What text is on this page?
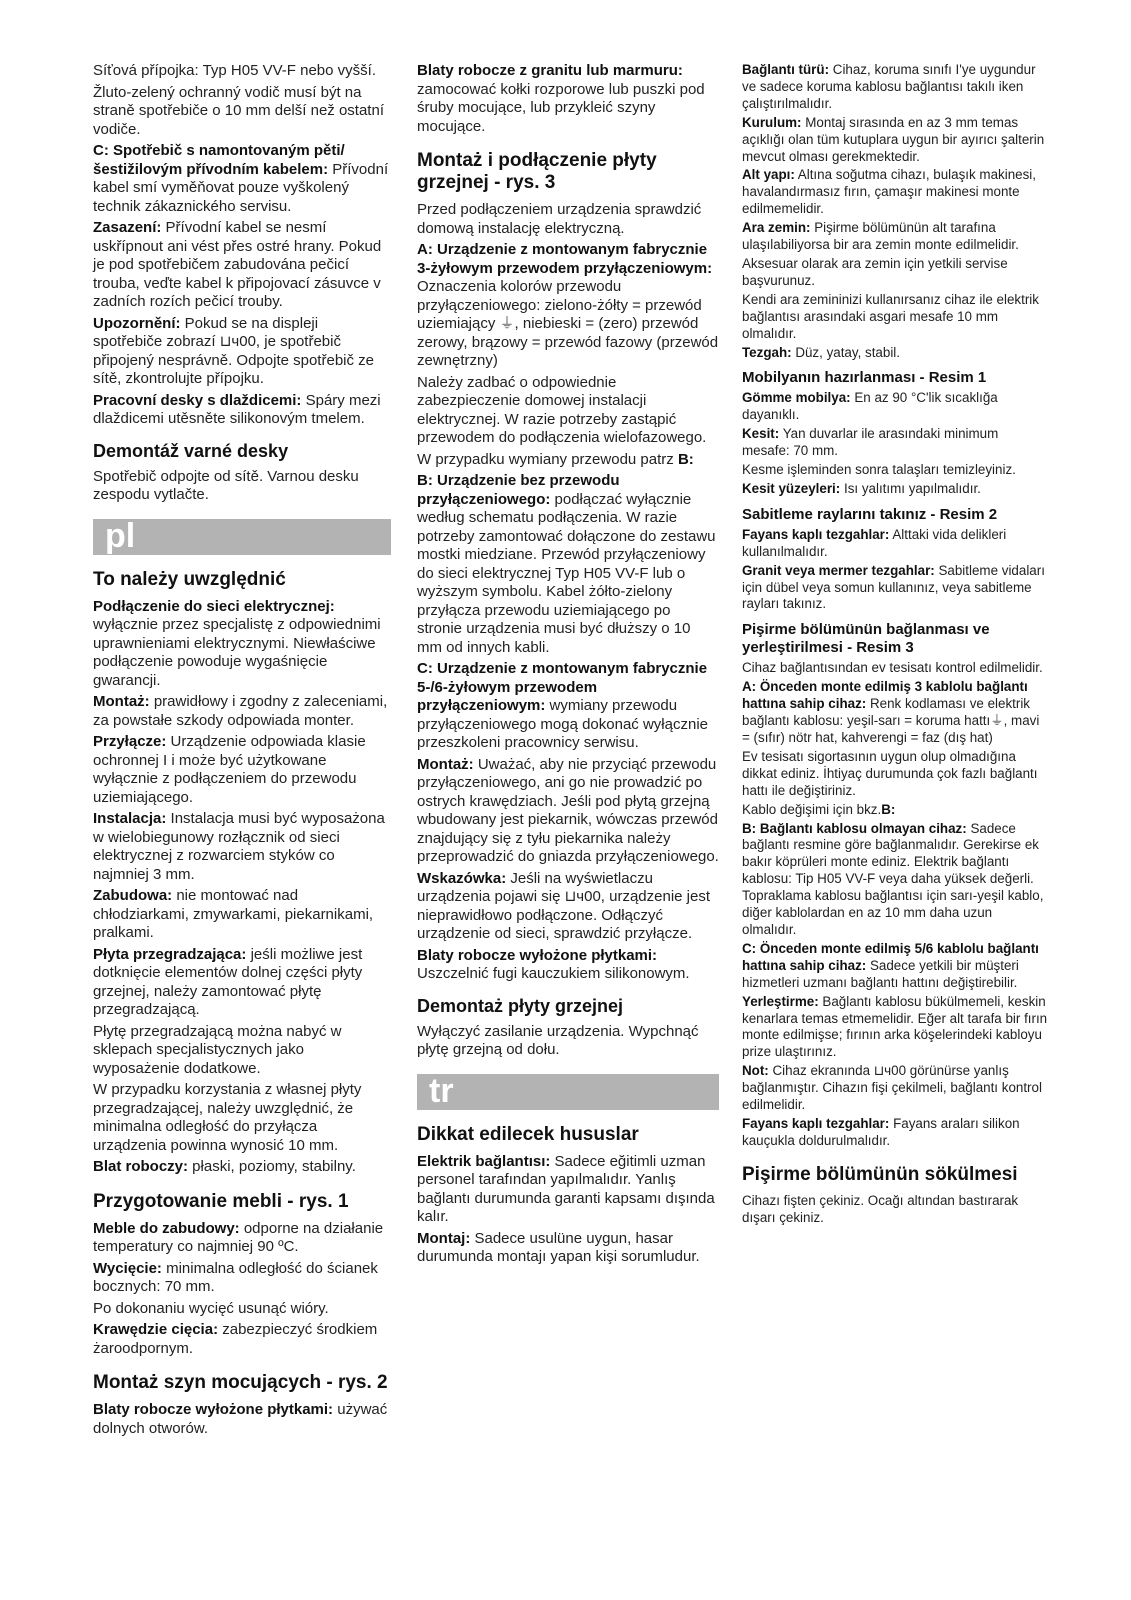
Síťová přípojka: Typ H05 VV-F nebo vyšší.

Žluto-zelený ochranný vodič musí být na straně spotřebiče o 10 mm delší než ostatní vodiče.

C: Spotřebič s namontovaným pěti/šestižilovým přívodním kabelem: Přívodní kabel smí vyměňovat pouze vyškolený technik zákaznického servisu.

Zasazení: Přívodní kabel se nesmí uskřípnout ani vést přes ostré hrany. Pokud je pod spotřebičem zabudována pečicí trouba, veďte kabel k připojovací zásuvce v zadních rozích pečicí trouby.

Upozornění: Pokud se na displeji spotřebiče zobrazí ⊔ч00, je spotřebič připojený nesprávně. Odpojte spotřebič ze sítě, zkontrolujte přípojku.

Pracovní desky s dlaždicemi: Spáry mezi dlaždicemi utěsněte silikonovým tmelem.

Demontáž varné desky

Spotřebič odpojte od sítě. Varnou desku zespodu vytlačte.

pl
To należy uwzględnić

Podłączenie do sieci elektrycznej: wyłącznie przez specjalistę z odpowiednimi uprawnieniami elektrycznymi. Niewłaściwe podłączenie powoduje wygaśnięcie gwarancji.

Montaż: prawidłowy i zgodny z zaleceniami, za powstałe szkody odpowiada monter.

Przyłącze: Urządzenie odpowiada klasie ochronnej I i może być użytkowane wyłącznie z podłączeniem do przewodu uziemiającego.

Instalacja: Instalacja musi być wyposażona w wielobiegunowy rozłącznik od sieci elektrycznej z rozwarciem styków co najmniej 3 mm.

Zabudowa: nie montować nad chłodziarkami, zmywarkami, piekarnikami, pralkami.

Płyta przegradzająca: jeśli możliwe jest dotknięcie elementów dolnej części płyty grzejnej, należy zamontować płytę przegradzającą.

Płytę przegradzającą można nabyć w sklepach specjalistycznych jako wyposażenie dodatkowe.

W przypadku korzystania z własnej płyty przegradzającej, należy uwzględnić, że minimalna odległość do przyłącza urządzenia powinna wynosić 10 mm.

Blat roboczy: płaski, poziomy, stabilny.

Przygotowanie mebli - rys. 1

Meble do zabudowy: odporne na działanie temperatury co najmniej 90 ºC.

Wycięcie: minimalna odległość do ścianek bocznych: 70 mm.

Po dokonaniu wycięć usunąć wióry.

Krawędzie cięcia: zabezpieczyć środkiem żaroodpornym.

Montaż szyn mocujących - rys. 2

Blaty robocze wyłożone płytkami: używać dolnych otworów.

Blaty robocze z granitu lub marmuru: zamocować kołki rozporowe lub puszki pod śruby mocujące, lub przykleić szyny mocujące.

Montaż i podłączenie płyty grzejnej - rys. 3

Przed podłączeniem urządzenia sprawdzić domową instalację elektryczną.

A: Urządzenie z montowanym fabrycznie 3-żyłowym przewodem przyłączeniowym: Oznaczenia kolorów przewodu przyłączeniowego: zielono-żółty = przewód uziemiający ⏚, niebieski = (zero) przewód zerowy, brązowy = przewód fazowy (przewód zewnętrzny)

Należy zadbać o odpowiednie zabezpieczenie domowej instalacji elektrycznej. W razie potrzeby zastąpić przewodem do podłączenia wielofazowego.

W przypadku wymiany przewodu patrz B:

B: Urządzenie bez przewodu przyłączeniowego: podłączać wyłącznie według schematu podłączenia. W razie potrzeby zamontować dołączone do zestawu mostki miedziane. Przewód przyłączeniowy do sieci elektrycznej Typ H05 VV-F lub o wyższym symbolu. Kabel żółto-zielony przyłącza przewodu uziemiającego po stronie urządzenia musi być dłuższy o 10 mm od innych kabli.

C: Urządzenie z montowanym fabrycznie 5-/6-żyłowym przewodem przyłączeniowym: wymiany przewodu przyłączeniowego mogą dokonać wyłącznie przeszkoleni pracownicy serwisu.

Montaż: Uważać, aby nie przyciąć przewodu przyłączeniowego, ani go nie prowadzić po ostrych krawędziach. Jeśli pod płytą grzejną wbudowany jest piekarnik, wówczas przewód znajdujący się z tyłu piekarnika należy przeprowadzić do gniazda przyłączeniowego.

Wskazówka: Jeśli na wyświetlaczu urządzenia pojawi się ⊔ч00, urządzenie jest nieprawidłowo podłączone. Odłączyć urządzenie od sieci, sprawdzić przyłącze.

Blaty robocze wyłożone płytkami: Uszczelnić fugi kauczukiem silikonowym.

Demontaż płyty grzejnej

Wyłączyć zasilanie urządzenia. Wypchnąć płytę grzejną od dołu.

tr
Dikkat edilecek hususlar

Elektrik bağlantısı: Sadece eğitimli uzman personel tarafından yapılmalıdır. Yanlış bağlantı durumunda garanti kapsamı dışında kalır.

Montaj: Sadece usulüne uygun, hasar durumunda montajı yapan kişi sorumludur.

Bağlantı türü: Cihaz, koruma sınıfı I'ye uygundur ve sadece koruma kablosu bağlantısı takılı iken çalıştırılmalıdır.

Kurulum: Montaj sırasında en az 3 mm temas açıklığı olan tüm kutuplara uygun bir ayırıcı şalterin mevcut olması gerekmektedir.

Alt yapı: Altına soğutma cihazı, bulaşık makinesi, havalandırmasız fırın, çamaşır makinesi monte edilmemelidir.

Ara zemin: Pişirme bölümünün alt tarafına ulaşılabiliyorsa bir ara zemin monte edilmelidir.

Aksesuar olarak ara zemin için yetkili servise başvurunuz.

Kendi ara zemininizi kullanırsanız cihaz ile elektrik bağlantısı arasındaki asgari mesafe 10 mm olmalıdır.

Tezgah: Düz, yatay, stabil.

Mobilyanın hazırlanması - Resim 1

Gömme mobilya: En az 90 °C'lik sıcaklığa dayanıklı.

Kesit: Yan duvarlar ile arasındaki minimum mesafe: 70 mm.

Kesme işleminden sonra talaşları temizleyiniz.

Kesit yüzeyleri: Isı yalıtımı yapılmalıdır.

Sabitleme raylarını takınız - Resim 2

Fayans kaplı tezgahlar: Alttaki vida delikleri kullanılmalıdır.

Granit veya mermer tezgahlar: Sabitleme vidaları için dübel veya somun kullanınız, veya sabitleme rayları takınız.

Pişirme bölümünün bağlanması ve yerleştirilmesi - Resim 3

Cihaz bağlantısından ev tesisatı kontrol edilmelidir.

A: Önceden monte edilmiş 3 kablolu bağlantı hattına sahip cihaz: Renk kodlaması ve elektrik bağlantı kablosu: yeşil-sarı = koruma hattı⏚, mavi = (sıfır) nötr hat, kahverengi = faz (dış hat)

Ev tesisatı sigortasının uygun olup olmadığına dikkat ediniz. İhtiyaç durumunda çok fazlı bağlantı hattı ile değiştiriniz.

Kablo değişimi için bkz.B:

B: Bağlantı kablosu olmayan cihaz: Sadece bağlantı resmine göre bağlanmalıdır. Gerekirse ek bakır köprüleri monte ediniz. Elektrik bağlantı kablosu: Tip H05 VV-F veya daha yüksek değerli. Topraklama kablosu bağlantısı için sarı-yeşil kablo, diğer kablolardan en az 10 mm daha uzun olmalıdır.

C: Önceden monte edilmiş 5/6 kablolu bağlantı hattına sahip cihaz: Sadece yetkili bir müşteri hizmetleri uzmanı bağlantı hattını değiştirebilir.

Yerleştirme: Bağlantı kablosu bükülmemeli, keskin kenarlara temas etmemelidir. Eğer alt tarafa bir fırın monte edilmişse; fırının arka köşelerindeki kabloyu prize ulaştırınız.

Not: Cihaz ekranında ⊔ч00 görünürse yanlış bağlanmıştır. Cihazın fişi çekilmeli, bağlantı kontrol edilmelidir.

Fayans kaplı tezgahlar: Fayans araları silikon kauçukla doldurulmalıdır.

Pişirme bölümünün sökülmesi

Cihazı fişten çekiniz. Ocağı altından bastırarak dışarı çekiniz.
